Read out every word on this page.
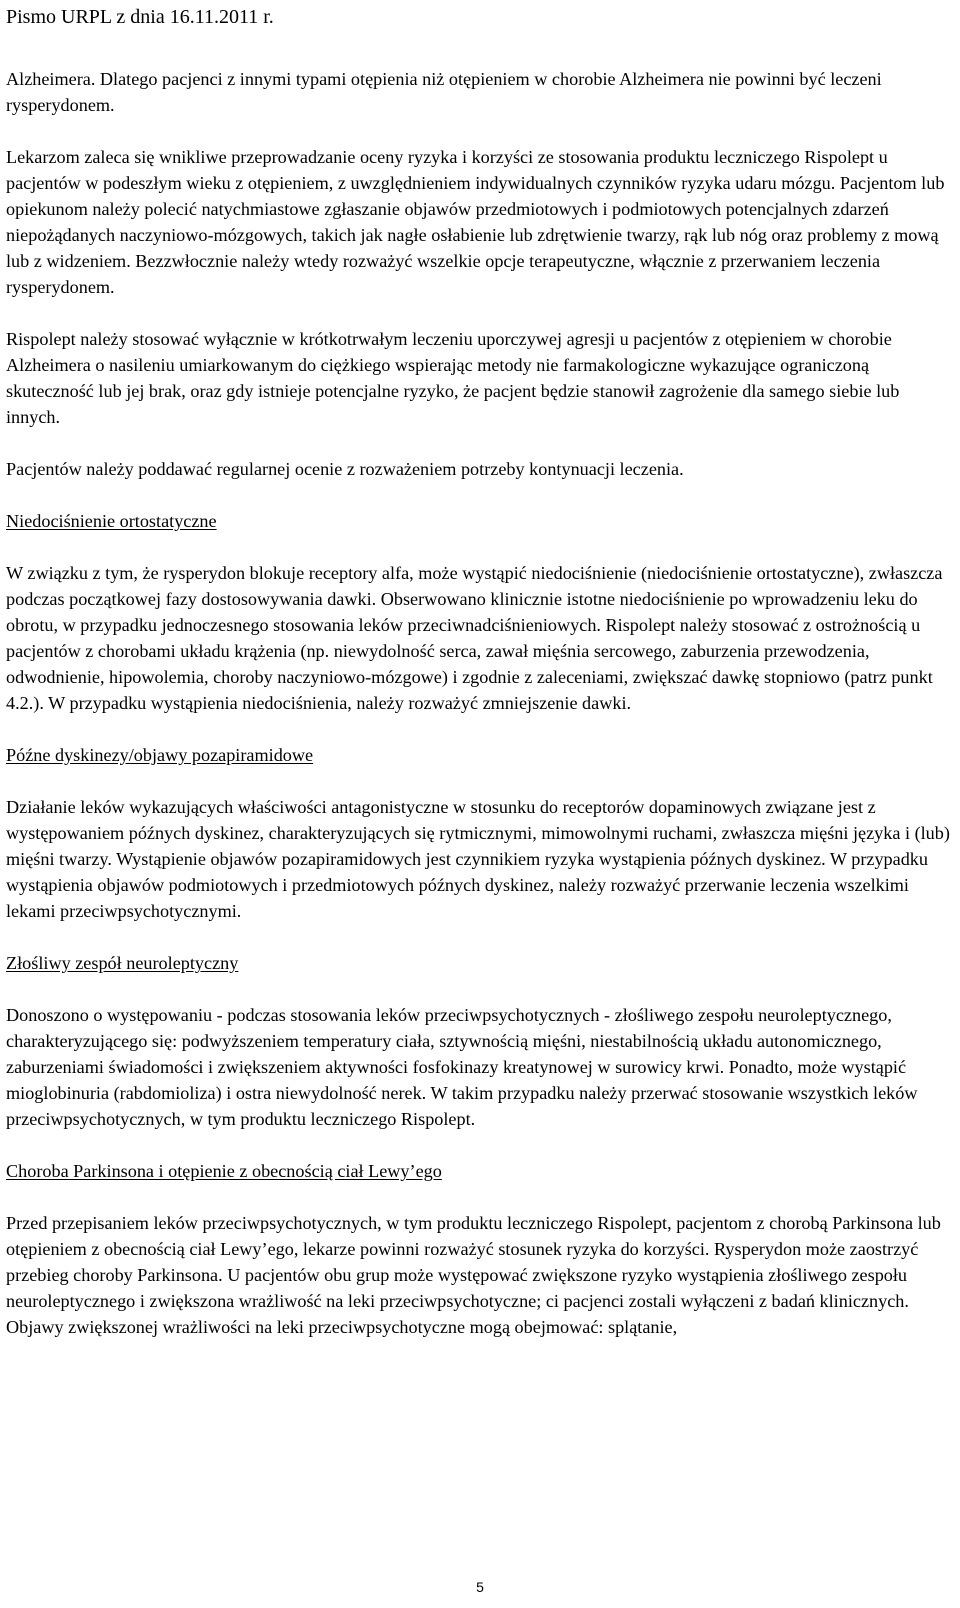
Pismo URPL z dnia 16.11.2011 r.

Alzheimera. Dlatego pacjenci z innymi typami otępienia niż otępieniem w chorobie Alzheimera nie powinni być leczeni rysperydonem.

Lekarzom zaleca się wnikliwe przeprowadzanie oceny ryzyka i korzyści ze stosowania produktu leczniczego Rispolept u pacjentów w podeszłym wieku z otępieniem, z uwzględnieniem indywidualnych czynników ryzyka udaru mózgu. Pacjentom lub opiekunom należy polecić natychmiastowe zgłaszanie objawów przedmiotowych i podmiotowych potencjalnych zdarzeń niepożądanych naczyniowo-mózgowych, takich jak nagłe osłabienie lub zdrętwienie twarzy, rąk lub nóg oraz problemy z mową lub z widzeniem. Bezzwłocznie należy wtedy rozważyć wszelkie opcje terapeutyczne, włącznie z przerwaniem leczenia rysperydonem.

Rispolept należy stosować wyłącznie w krótkotrwałym leczeniu uporczywej agresji u pacjentów z otępieniem w chorobie Alzheimera o nasileniu umiarkowanym do ciężkiego wspierając metody nie farmakologiczne wykazujące ograniczoną skuteczność lub jej brak, oraz gdy istnieje potencjalne ryzyko, że pacjent będzie stanowił zagrożenie dla samego siebie lub innych.

Pacjentów należy poddawać regularnej ocenie z rozważeniem potrzeby kontynuacji leczenia.

Niedociśnienie ortostatyczne

W związku z tym, że rysperydon blokuje receptory alfa, może wystąpić niedociśnienie (niedociśnienie ortostatyczne), zwłaszcza podczas początkowej fazy dostosowywania dawki. Obserwowano klinicznie istotne niedociśnienie po wprowadzeniu leku do obrotu, w przypadku jednoczesnego stosowania leków przeciwnadciśnieniowych. Rispolept należy stosować z ostrożnością u pacjentów z chorobami układu krążenia (np. niewydolność serca, zawał mięśnia sercowego, zaburzenia przewodzenia, odwodnienie, hipowolemia, choroby naczyniowo-mózgowe) i zgodnie z zaleceniami, zwiększać dawkę stopniowo (patrz punkt 4.2.). W przypadku wystąpienia niedociśnienia, należy rozważyć zmniejszenie dawki.

Późne dyskinezy/objawy pozapiramidowe

Działanie leków wykazujących właściwości antagonistyczne w stosunku do receptorów dopaminowych związane jest z występowaniem późnych dyskinez, charakteryzujących się rytmicznymi, mimowolnymi ruchami, zwłaszcza mięśni języka i (lub) mięśni twarzy. Wystąpienie objawów pozapiramidowych jest czynnikiem ryzyka wystąpienia późnych dyskinez. W przypadku wystąpienia objawów podmiotowych i przedmiotowych późnych dyskinez, należy rozważyć przerwanie leczenia wszelkimi lekami przeciwpsychotycznymi.

Złośliwy zespół neuroleptyczny

Donoszono o występowaniu - podczas stosowania leków przeciwpsychotycznych - złośliwego zespołu neuroleptycznego, charakteryzującego się: podwyższeniem temperatury ciała, sztywnością mięśni, niestabilnością układu autonomicznego, zaburzeniami świadomości i zwiększeniem aktywności fosfokinazy kreatynowej w surowicy krwi. Ponadto, może wystąpić mioglobinuria (rabdomioliza) i ostra niewydolność nerek. W takim przypadku należy przerwać stosowanie wszystkich leków przeciwpsychotycznych, w tym produktu leczniczego Rispolept.

Choroba Parkinsona i otępienie z obecnością ciał Lewy’ego

Przed przepisaniem leków przeciwpsychotycznych, w tym produktu leczniczego Rispolept, pacjentom z chorobą Parkinsona lub otępieniem z obecnością ciał Lewy’ego, lekarze powinni rozważyć stosunek ryzyka do korzyści. Rysperydon może zaostrzyć przebieg choroby Parkinsona. U pacjentów obu grup może występować zwiększone ryzyko wystąpienia złośliwego zespołu neuroleptycznego i zwiększona wrażliwość na leki przeciwpsychotyczne; ci pacjenci zostali wyłączeni z badań klinicznych.

Objawy zwiększonej wrażliwości na leki przeciwpsychotyczne mogą obejmować: splątanie,

5
